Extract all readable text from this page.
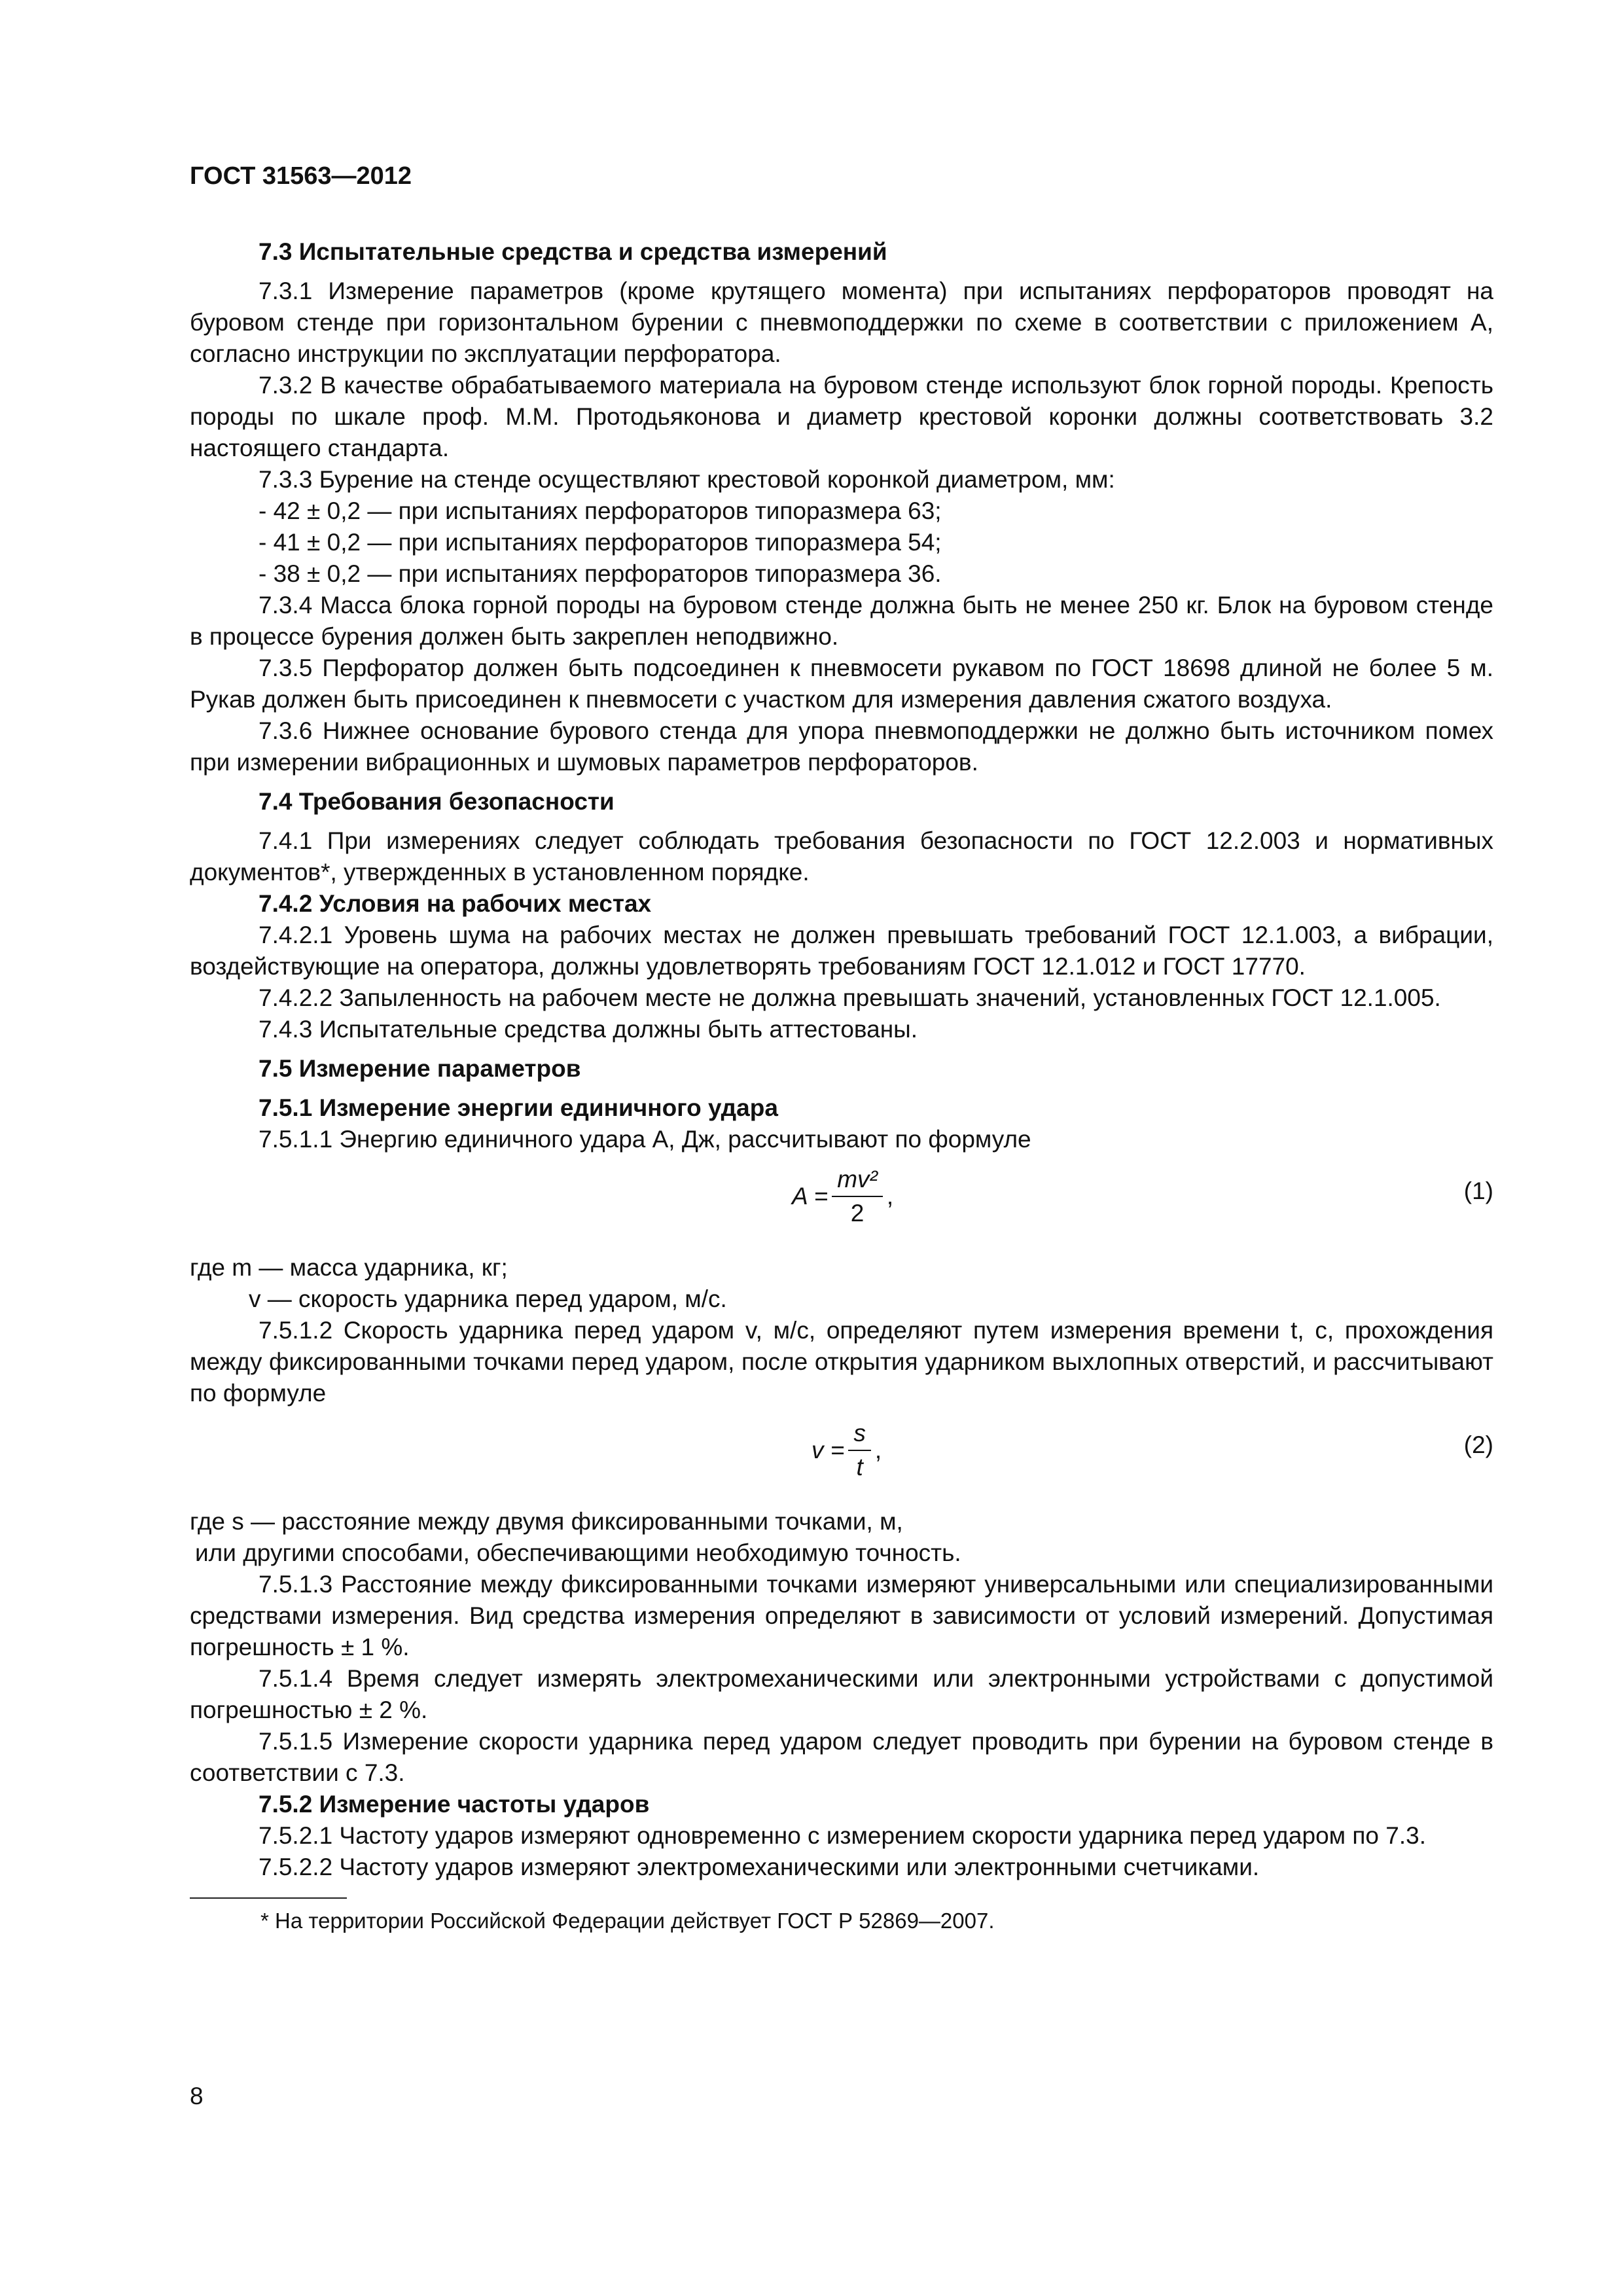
ГОСТ 31563—2012

7.3 Испытательные средства и средства измерений

7.3.1 Измерение параметров (кроме крутящего момента) при испытаниях перфораторов проводят на буровом стенде при горизонтальном бурении с пневмоподдержки по схеме в соответствии с приложением А, согласно инструкции по эксплуатации перфоратора.

7.3.2 В качестве обрабатываемого материала на буровом стенде используют блок горной породы. Крепость породы по шкале проф. М.М. Протодьяконова и диаметр крестовой коронки должны соответствовать 3.2 настоящего стандарта.

7.3.3 Бурение на стенде осуществляют крестовой коронкой диаметром, мм:

- 42 ± 0,2 — при испытаниях перфораторов типоразмера 63;

- 41 ± 0,2 — при испытаниях перфораторов типоразмера 54;

- 38 ± 0,2 — при испытаниях перфораторов типоразмера 36.

7.3.4 Масса блока горной породы на буровом стенде должна быть не менее 250 кг. Блок на буровом стенде в процессе бурения должен быть закреплен неподвижно.

7.3.5 Перфоратор должен быть подсоединен к пневмосети рукавом по ГОСТ 18698 длиной не более 5 м. Рукав должен быть присоединен к пневмосети с участком для измерения давления сжатого воздуха.

7.3.6 Нижнее основание бурового стенда для упора пневмоподдержки не должно быть источником помех при измерении вибрационных и шумовых параметров перфораторов.

7.4 Требования безопасности

7.4.1 При измерениях следует соблюдать требования безопасности по ГОСТ 12.2.003 и нормативных документов*, утвержденных в установленном порядке.

7.4.2 Условия на рабочих местах

7.4.2.1 Уровень шума на рабочих местах не должен превышать требований ГОСТ 12.1.003, а вибрации, воздействующие на оператора, должны удовлетворять требованиям ГОСТ 12.1.012 и ГОСТ 17770.

7.4.2.2 Запыленность на рабочем месте не должна превышать значений, установленных ГОСТ 12.1.005.

7.4.3 Испытательные средства должны быть аттестованы.

7.5 Измерение параметров

7.5.1 Измерение энергии единичного удара

7.5.1.1 Энергию единичного удара А, Дж, рассчитывают по формуле

$A = \frac{\text{mv²}}{2}$ ,	(1)

где m — масса ударника, кг;

v — скорость ударника перед ударом, м/с.

7.5.1.2 Скорость ударника перед ударом v, м/с, определяют путем измерения времени t, с, прохождения между фиксированными точками перед ударом, после открытия ударником выхлопных отверстий, и рассчитывают по формуле

$v = \frac{s}{t}$ ,	(2)

где s — расстояние между двумя фиксированными точками, м,

или другими способами, обеспечивающими необходимую точность.

7.5.1.3 Расстояние между фиксированными точками измеряют универсальными или специализированными средствами измерения. Вид средства измерения определяют в зависимости от условий измерений. Допустимая погрешность ± 1 %.

7.5.1.4 Время следует измерять электромеханическими или электронными устройствами с допустимой погрешностью ± 2 %.

7.5.1.5 Измерение скорости ударника перед ударом следует проводить при бурении на буровом стенде в соответствии с 7.3.

7.5.2 Измерение частоты ударов

7.5.2.1 Частоту ударов измеряют одновременно с измерением скорости ударника перед ударом по 7.3.

7.5.2.2 Частоту ударов измеряют электромеханическими или электронными счетчиками.

* На территории Российской Федерации действует ГОСТ Р 52869—2007.

8
